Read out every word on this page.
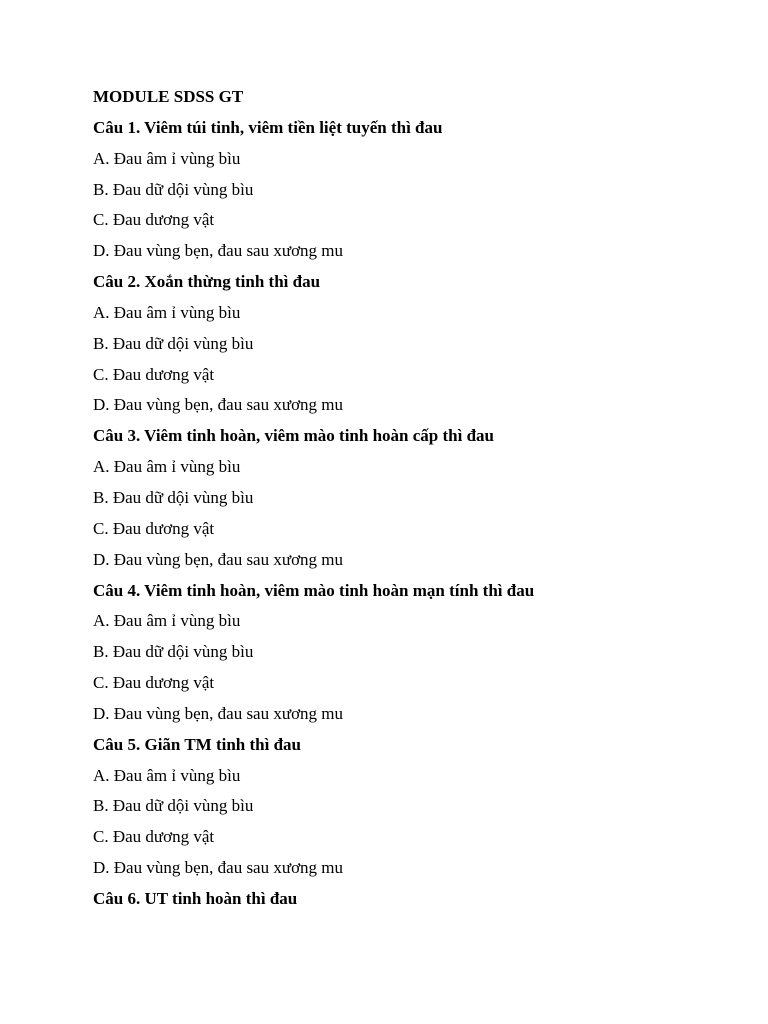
MODULE SDSS GT
Câu 1. Viêm túi tinh, viêm tiền liệt tuyến thì đau
A. Đau âm ỉ vùng bìu
B. Đau dữ dội vùng bìu
C. Đau dương vật
D. Đau vùng bẹn, đau sau xương mu
Câu 2. Xoắn thừng tinh thì đau
A. Đau âm ỉ vùng bìu
B. Đau dữ dội vùng bìu
C. Đau dương vật
D. Đau vùng bẹn, đau sau xương mu
Câu 3. Viêm tinh hoàn, viêm mào tinh hoàn cấp thì đau
A. Đau âm ỉ vùng bìu
B. Đau dữ dội vùng bìu
C. Đau dương vật
D. Đau vùng bẹn, đau sau xương mu
Câu 4. Viêm tinh hoàn, viêm mào tinh hoàn mạn tính thì đau
A. Đau âm ỉ vùng bìu
B. Đau dữ dội vùng bìu
C. Đau dương vật
D. Đau vùng bẹn, đau sau xương mu
Câu 5. Giãn TM tinh thì đau
A. Đau âm ỉ vùng bìu
B. Đau dữ dội vùng bìu
C. Đau dương vật
D. Đau vùng bẹn, đau sau xương mu
Câu 6. UT tinh hoàn thì đau
